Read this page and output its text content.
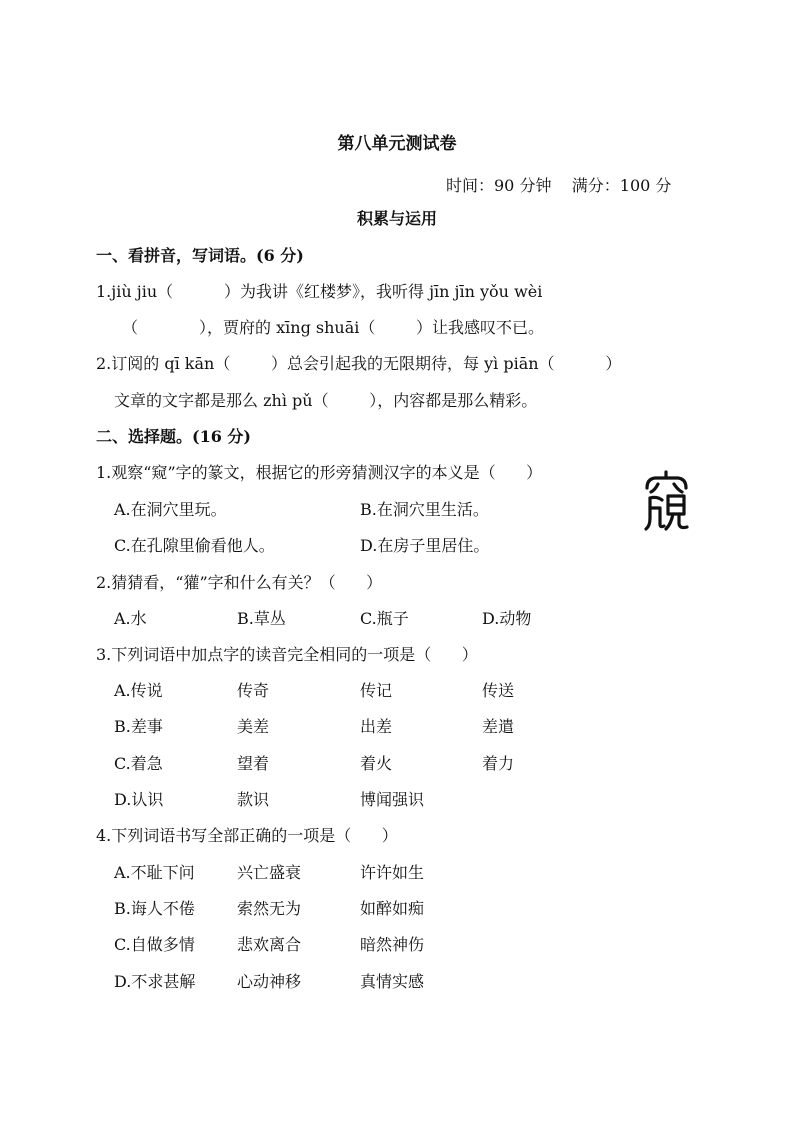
第八单元测试卷
时间：90 分钟    满分：100 分
积累与运用
一、看拼音，写词语。(6 分)
1.jiù jiu（          ）为我讲《红楼梦》，我听得 jīn jīn yǒu wèi
（            ），贾府的 xīng shuāi（        ）让我感叹不已。
2.订阅的 qī kān（        ）总会引起我的无限期待，每 yì piān（          ）
文章的文字都是那么 zhì pǔ（        ），内容都是那么精彩。
二、选择题。(16 分)
1.观察“窥”字的篆文，根据它的形旁猜测汉字的本义是（      ）
A.在洞穴里玩。	B.在洞穴里生活。
C.在孔隙里偷看他人。	D.在房子里居住。
2.猜猜看，“獾”字和什么有关？（      ）
A.水	B.草丛	C.瓶子	D.动物
3.下列词语中加点字的读音完全相同的一项是（      ）
A.传说	传奇	传记	传送
B.差事	美差	出差	差遣
C.着急	望着	着火	着力
D.认识	款识	博闻强识
4.下列词语书写全部正确的一项是（      ）
A.不耻下问	兴亡盛衰	许许如生
B.诲人不倦	索然无为	如醉如痴
C.自做多情	悲欢离合	暗然神伤
D.不求甚解	心动神移	真情实感
